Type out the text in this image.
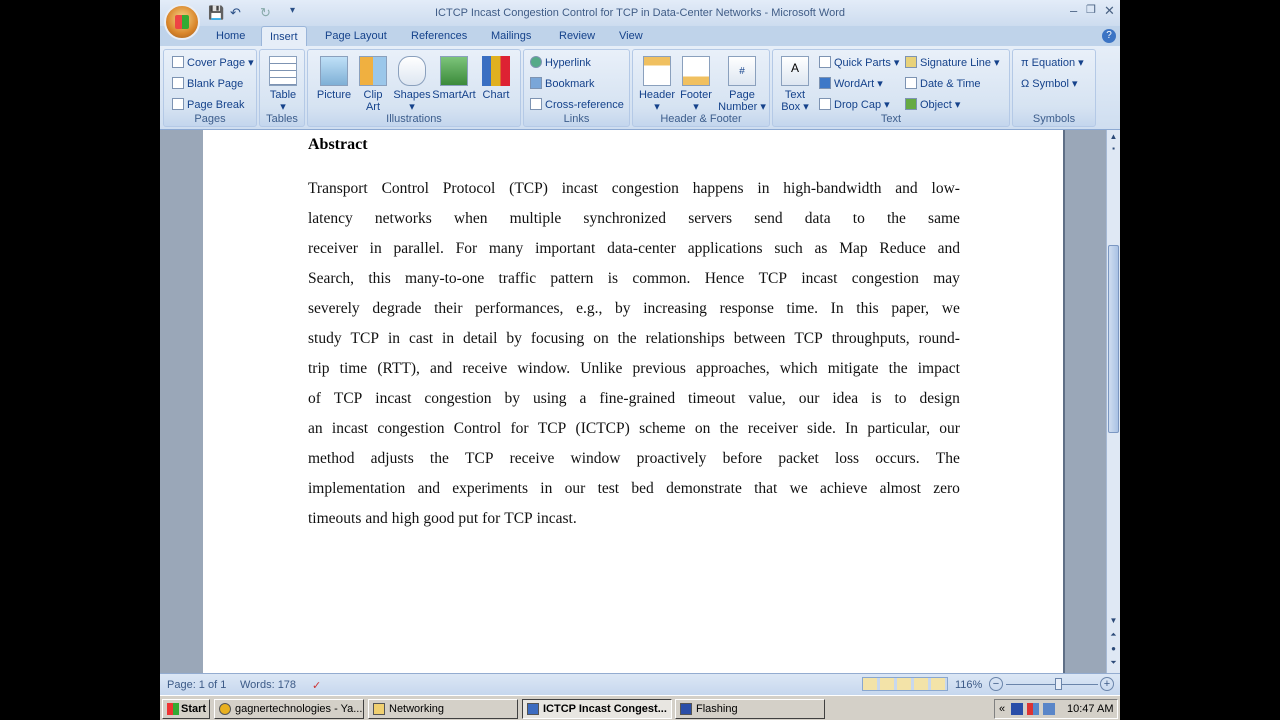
💾 ↶ ↻ ▾	ICTCP Incast Congestion Control for TCP in Data-Center Networks - Microsoft Word	– ❐ ✕
Home	Insert	Page Layout References Mailings	Review View	?
Cover Page ▾
Blank Page
Page Break
Pages
Table
▾
Tables
Picture	Clip Art
Shapes
▾
SmartArt Chart
Illustrations
Hyperlink
Bookmark
Cross-reference
Links
Header
▾
Footer
▾
#
Page Number ▾
Header & Footer
A
Text Box ▾
Quick Parts ▾
WordArt ▾
Drop Cap ▾
Signature Line ▾
Date & Time
Object ▾
Text
π Equation ▾
Ω Symbol ▾
Symbols
Abstract
Transport Control Protocol (TCP) incast congestion happens in high-bandwidth and low-
latency networks when multiple synchronized servers send data to the same
receiver in parallel. For many important data-center applications such as Map Reduce and
Search, this many-to-one traffic pattern is common. Hence TCP incast congestion may
severely degrade their performances, e.g., by increasing response time. In this paper, we
study TCP in cast in detail by focusing on the relationships between TCP throughputs, round-
trip time (RTT), and receive window. Unlike previous approaches, which mitigate the impact
of TCP incast congestion by using a fine-grained timeout value, our idea is to design
an incast congestion Control for TCP (ICTCP) scheme on the receiver side. In particular, our
method adjusts the TCP receive window proactively before packet loss occurs. The
implementation and experiments in our test bed demonstrate that we achieve almost zero
timeouts and high good put for TCP incast.
▲
▪
▼
⏶
●
⏷
Page: 1 of 1 Words: 178 ✓	116% −	+
Start	gagnertechnologies - Ya...	Networking	ICTCP Incast Congest...	Flashing	«	10:47 AM
